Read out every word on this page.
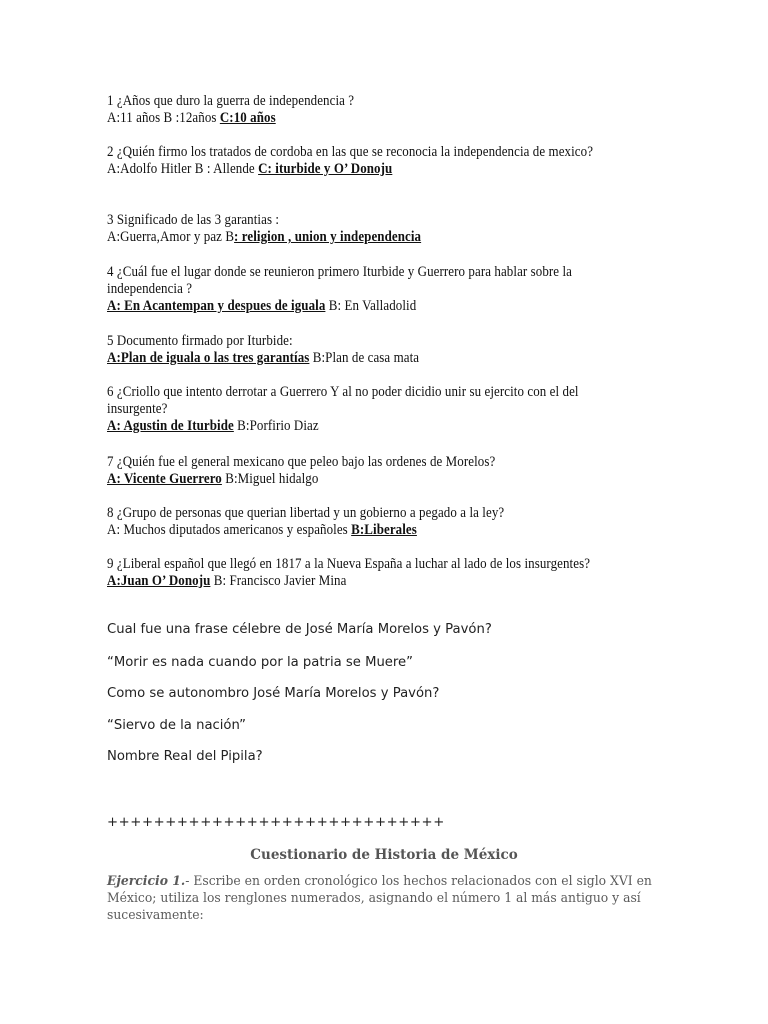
1 ¿Años que duro la guerra de independencia ?

A:11 años B :12años C:10 años

2 ¿Quién firmo los tratados de cordoba en las que se reconocia la independencia de mexico?

A:Adolfo Hitler B : Allende C: iturbide y O’ Donoju

3 Significado de las 3 garantias :

A:Guerra,Amor y paz B: religion , union y independencia

4 ¿Cuál fue el lugar donde se reunieron primero Iturbide y Guerrero para hablar sobre la independencia ?

A: En Acantempan y despues de iguala B: En Valladolid

5 Documento firmado por Iturbide:

A:Plan de iguala o las tres garantías B:Plan de casa mata

6 ¿Criollo que intento derrotar a Guerrero Y al no poder dicidio unir su ejercito con el del insurgente?

A: Agustin de Iturbide B:Porfirio Diaz

7 ¿Quién fue el general mexicano que peleo bajo las ordenes de Morelos?

A: Vicente Guerrero B:Miguel hidalgo

8 ¿Grupo de personas que querian libertad y un gobierno a pegado a la ley?

A: Muchos diputados americanos y españoles B:Liberales

9 ¿Liberal español que llegó en 1817 a la Nueva España a luchar al lado de los insurgentes?

A:Juan O’ Donoju B: Francisco Javier Mina

Cual fue una frase célebre de José María Morelos y Pavón?
“Morir es nada cuando por la patria se Muere”
Como se autonombro José María Morelos y Pavón?
“Siervo de la nación”
Nombre Real del Pipila?
+++++++++++++++++++++++++++++
Cuestionario de Historia de México
Ejercicio 1.- Escribe en orden cronológico los hechos relacionados con el siglo XVI en México; utiliza los renglones numerados, asignando el número 1 al más antiguo y así sucesivamente:
